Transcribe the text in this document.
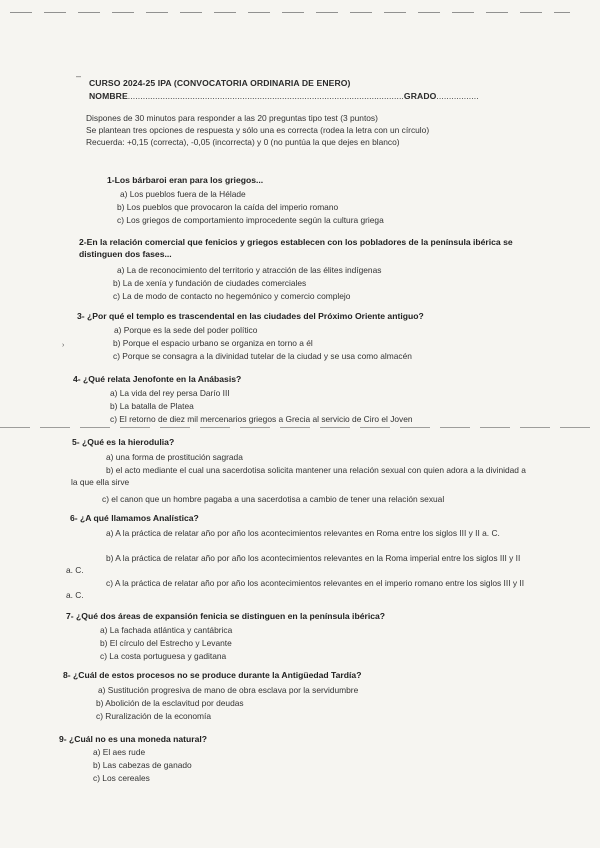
–
›
CURSO 2024-25 IPA (CONVOCATORIA ORDINARIA DE ENERO)
NOMBRE...............................................................................................................GRADO.................
Dispones de 30 minutos para responder a las 20 preguntas tipo test (3 puntos)
Se plantean tres opciones de respuesta y sólo una es correcta (rodea la letra con un círculo)
Recuerda: +0,15 (correcta), -0,05 (incorrecta) y 0 (no puntúa la que dejes en blanco)
1-Los bárbaroi eran para los griegos...
a) Los pueblos fuera de la Hélade
b) Los pueblos que provocaron la caída del imperio romano
c) Los griegos de comportamiento improcedente según la cultura griega
2-En la relación comercial que fenicios y griegos establecen con los pobladores de la península ibérica se distinguen dos fases...
a) La de reconocimiento del territorio y atracción de las élites indígenas
b) La de xenía y fundación de ciudades comerciales
c) La de modo de contacto no hegemónico y comercio complejo
3- ¿Por qué el templo es trascendental en las ciudades del Próximo Oriente antiguo?
a) Porque es la sede del poder político
b) Porque el espacio urbano se organiza en torno a él
c) Porque se consagra a la divinidad tutelar de la ciudad y se usa como almacén
4- ¿Qué relata Jenofonte en la Anábasis?
a) La vida del rey persa Darío III
b) La batalla de Platea
c) El retorno de diez mil mercenarios griegos a Grecia al servicio de Ciro el Joven
5- ¿Qué es la hierodulia?
a) una forma de prostitución sagrada
b) el acto mediante el cual una sacerdotisa solicita mantener una relación sexual con quien adora a la divinidad a la que ella sirve
c) el canon que un hombre pagaba a una sacerdotisa a cambio de tener una relación sexual
6- ¿A qué llamamos Analística?
a) A la práctica de relatar año por año los acontecimientos relevantes en Roma entre los siglos III y II a. C.
b) A la práctica de relatar año por año los acontecimientos relevantes en la Roma imperial entre los siglos III y II a. C.
c) A la práctica de relatar año por año los acontecimientos relevantes en el imperio romano entre los siglos III y II a. C.
7- ¿Qué dos áreas de expansión fenicia se distinguen en la península ibérica?
a) La fachada atlántica y cantábrica
b) El círculo del Estrecho y Levante
c) La costa portuguesa y gaditana
8- ¿Cuál de estos procesos no se produce durante la Antigüedad Tardía?
a) Sustitución progresiva de mano de obra esclava por la servidumbre
b) Abolición de la esclavitud por deudas
c) Ruralización de la economía
9- ¿Cuál no es una moneda natural?
a) El aes rude
b) Las cabezas de ganado
c) Los cereales
